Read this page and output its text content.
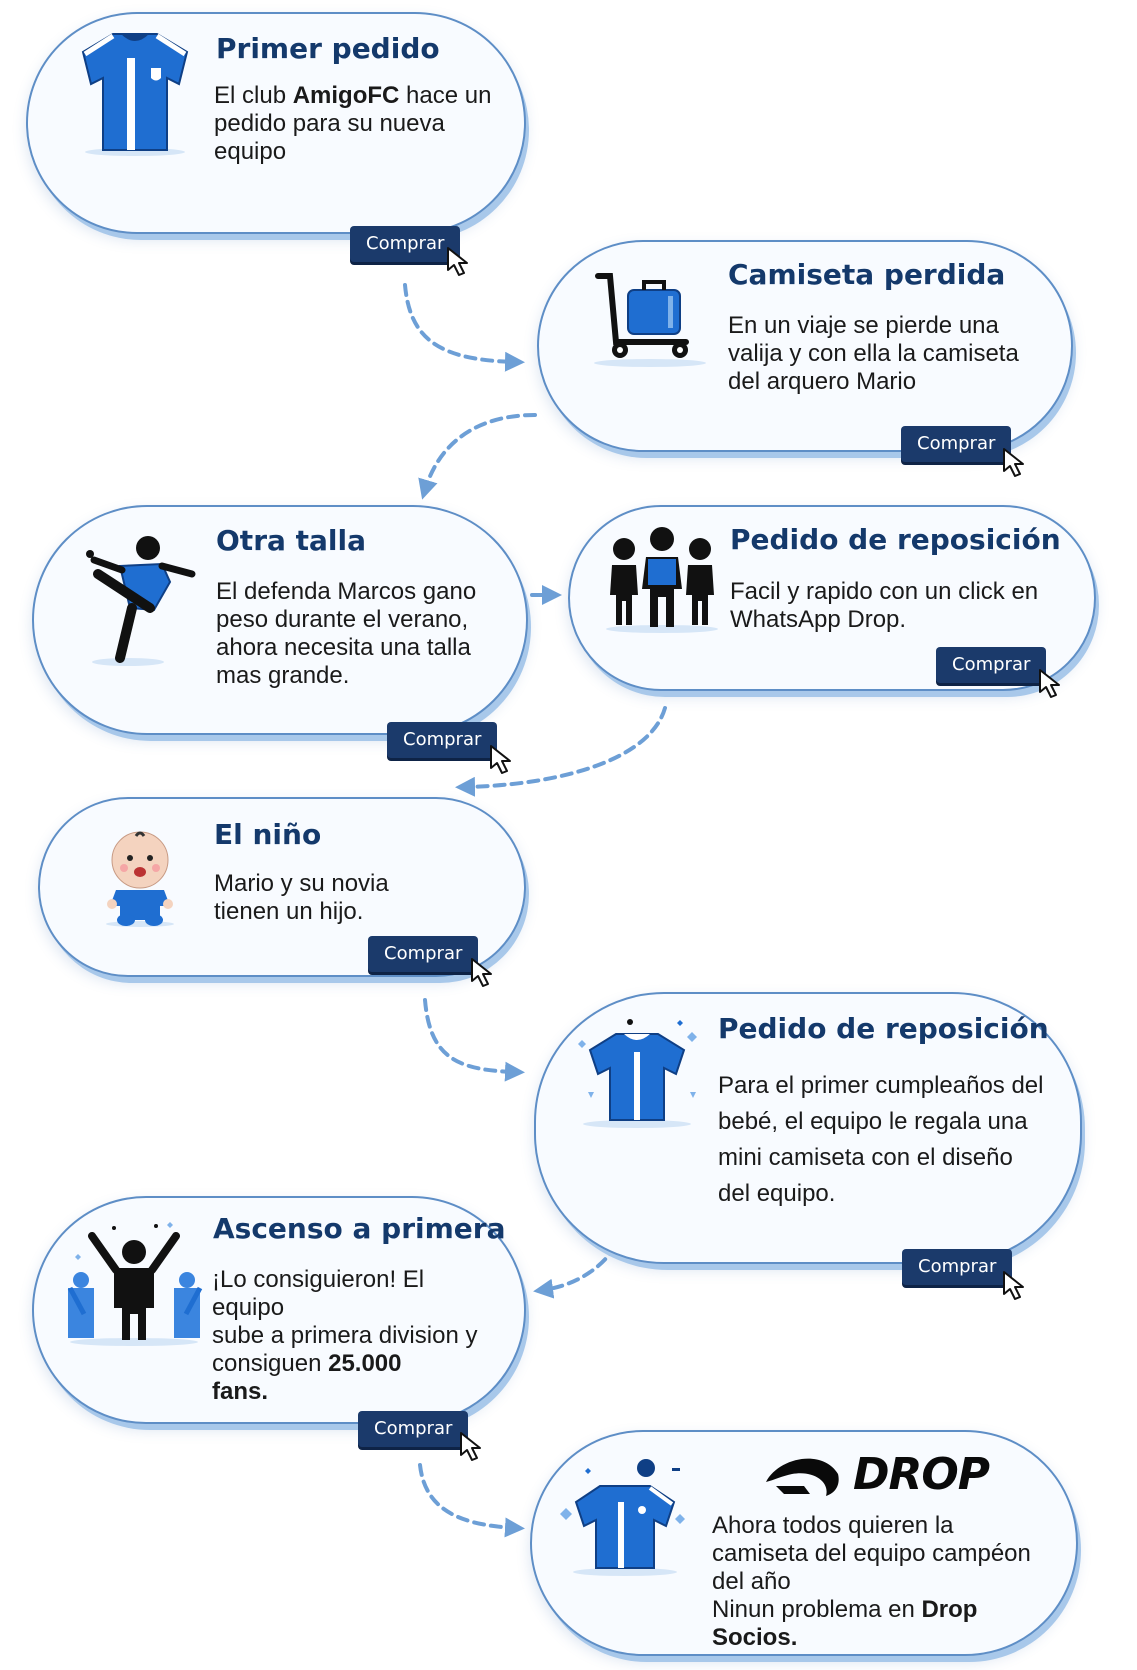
Primer pedido
El club AmigoFC hace un pedido para su nueva equipo
Comprar
Camiseta perdida
En un viaje se pierde una valija y con ella la camiseta del arquero Mario
Comprar
Otra talla
El defenda Marcos gano peso durante el verano, ahora necesita una talla mas grande.
Comprar
Pedido de reposición
Facil y rapido con un click en WhatsApp Drop.
Comprar
El niño
Mario y su novia tienen un hijo.
Comprar
Pedido de reposición
Para el primer cumpleaños del bebé, el equipo le regala una mini camiseta con el diseño del equipo.
Comprar
Ascenso a primera
¡Lo consiguieron! El equipo
sube a primera division y consiguen 25.000
fans.
Comprar
DROP
Ahora todos quieren la camiseta del equipo campéon del año
Ninun problema en Drop Socios.
